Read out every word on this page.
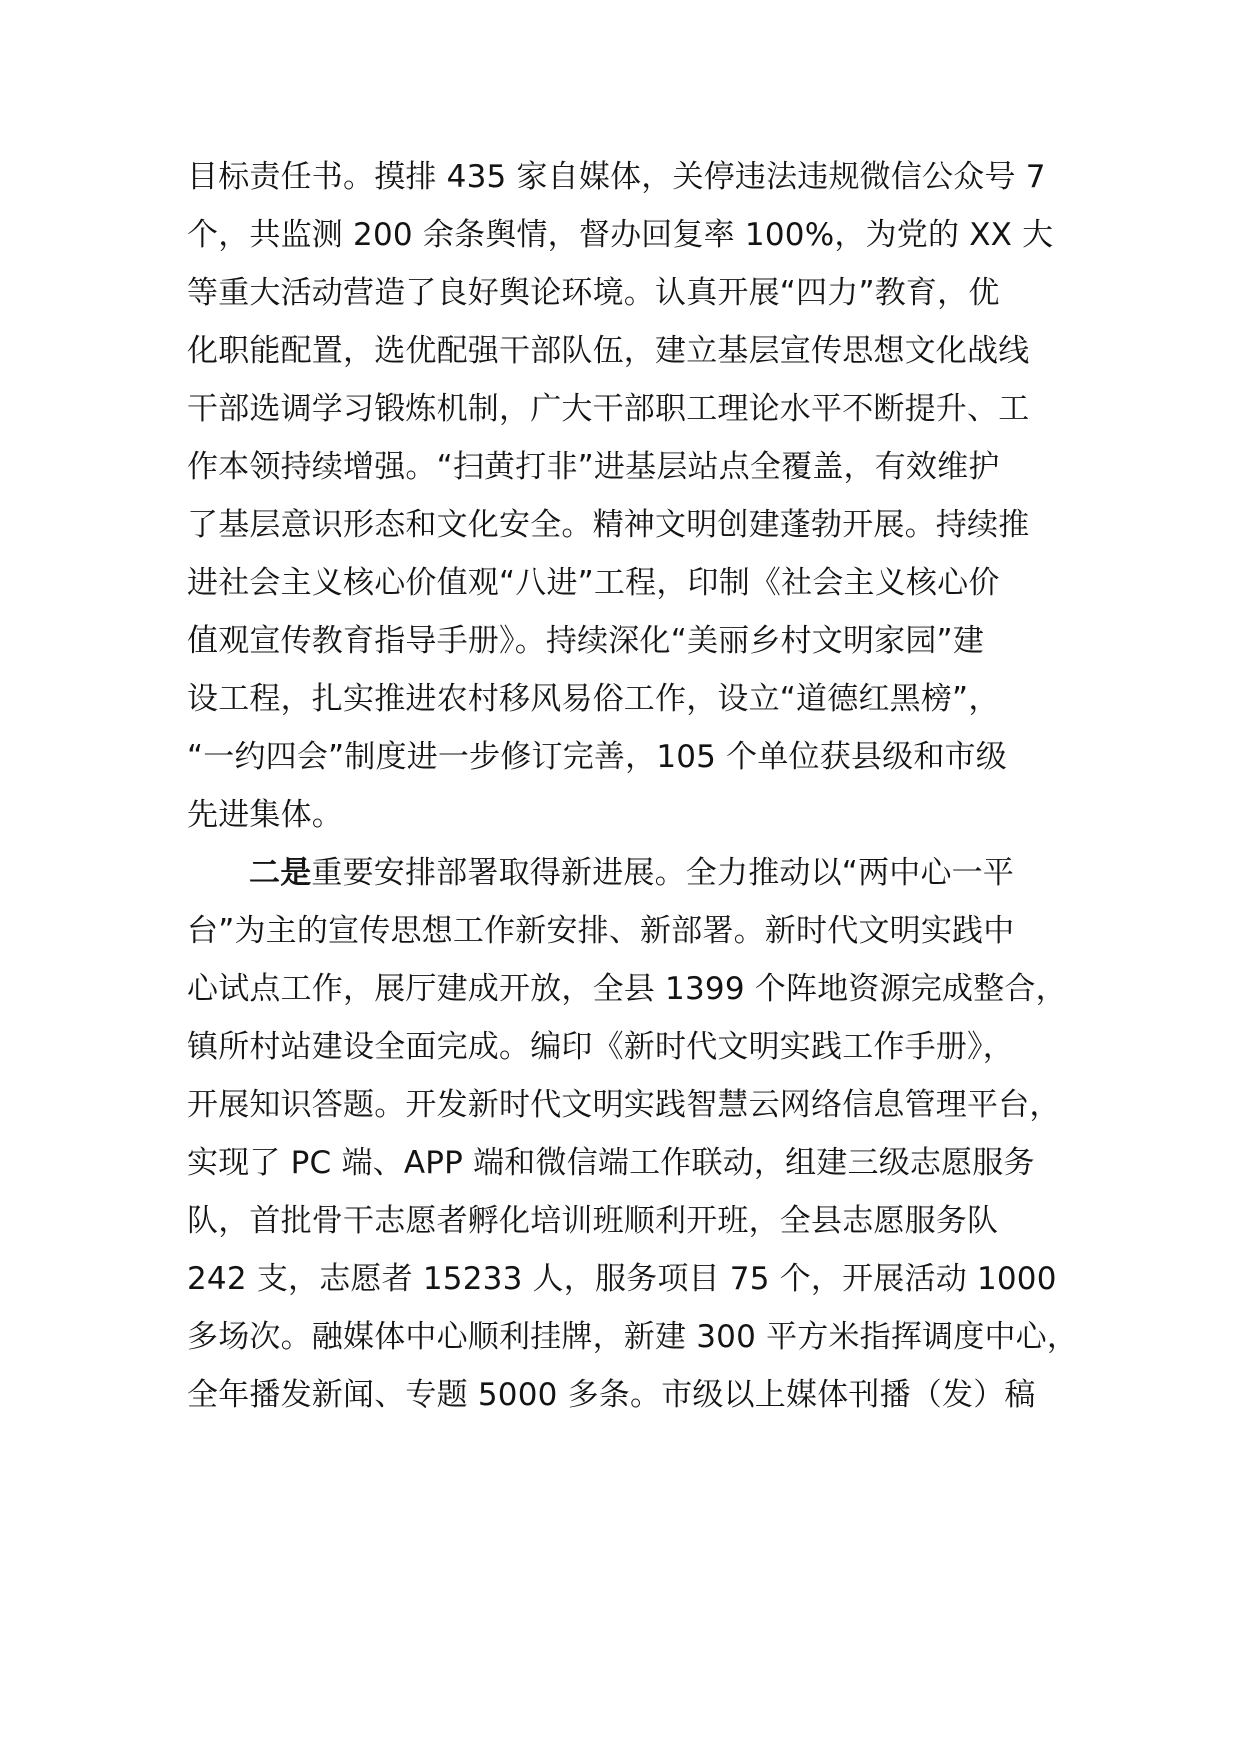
目标责任书。摸排 435 家自媒体，关停违法违规微信公众号 7
个，共监测 200 余条舆情，督办回复率 100%，为党的 XX 大
等重大活动营造了良好舆论环境。认真开展“四力”教育，优
化职能配置，选优配强干部队伍，建立基层宣传思想文化战线
干部选调学习锻炼机制，广大干部职工理论水平不断提升、工
作本领持续增强。“扫黄打非”进基层站点全覆盖，有效维护
了基层意识形态和文化安全。精神文明创建蓬勃开展。持续推
进社会主义核心价值观“八进”工程，印制《社会主义核心价
值观宣传教育指导手册》。持续深化“美丽乡村文明家园”建
设工程，扎实推进农村移风易俗工作，设立“道德红黑榜”，
“一约四会”制度进一步修订完善，105 个单位获县级和市级
先进集体。
二是重要安排部署取得新进展。全力推动以“两中心一平
台”为主的宣传思想工作新安排、新部署。新时代文明实践中
心试点工作，展厅建成开放，全县 1399 个阵地资源完成整合，
镇所村站建设全面完成。编印《新时代文明实践工作手册》，
开展知识答题。开发新时代文明实践智慧云网络信息管理平台，
实现了 PC 端、APP 端和微信端工作联动，组建三级志愿服务
队，首批骨干志愿者孵化培训班顺利开班，全县志愿服务队
242 支，志愿者 15233 人，服务项目 75 个，开展活动 1000
多场次。融媒体中心顺利挂牌，新建 300 平方米指挥调度中心，
全年播发新闻、专题 5000 多条。市级以上媒体刊播（发）稿
